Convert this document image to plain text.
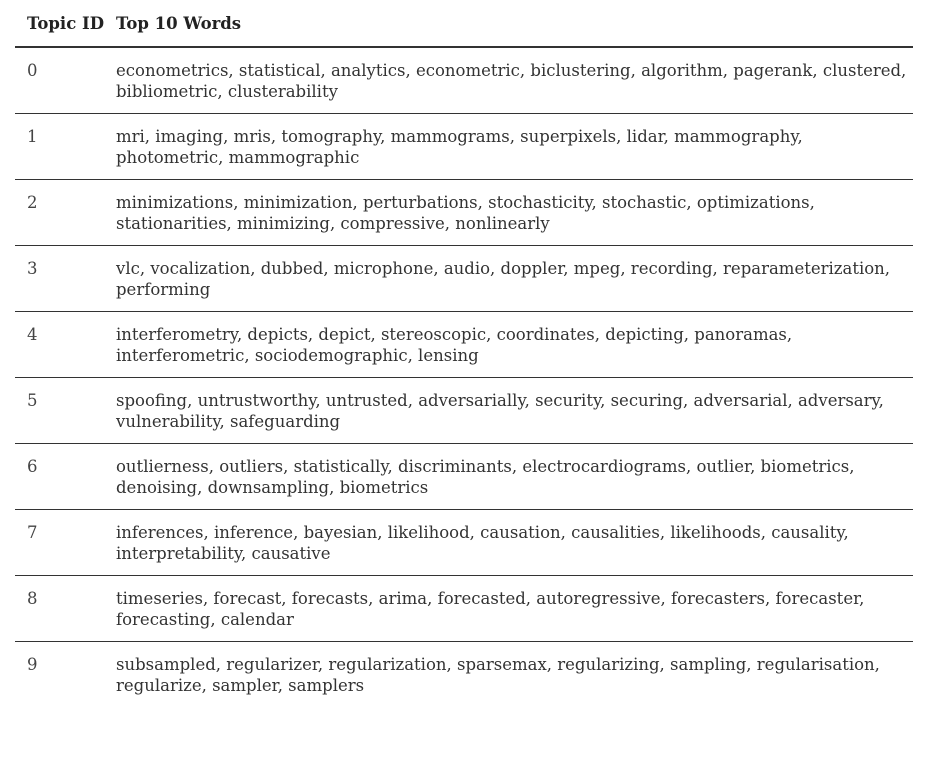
Topic ID	Top 10 Words
0	econometrics, statistical, analytics, econometric, biclustering, algorithm, pagerank, clustered, bibliometric, clusterability
1	mri, imaging, mris, tomography, mammograms, superpixels, lidar, mammography, photometric, mammographic
2	minimizations, minimization, perturbations, stochasticity, stochastic, optimizations, stationarities, minimizing, compressive, nonlinearly
3	vlc, vocalization, dubbed, microphone, audio, doppler, mpeg, recording, reparameterization, performing
4	interferometry, depicts, depict, stereoscopic, coordinates, depicting, panoramas, interferometric, sociodemographic, lensing
5	spoofing, untrustworthy, untrusted, adversarially, security, securing, adversarial, adversary, vulnerability, safeguarding
6	outlierness, outliers, statistically, discriminants, electrocardiograms, outlier, biometrics, denoising, downsampling, biometrics
7	inferences, inference, bayesian, likelihood, causation, causalities, likelihoods, causality, interpretability, causative
8	timeseries, forecast, forecasts, arima, forecasted, autoregressive, forecasters, forecaster, forecasting, calendar
9	subsampled, regularizer, regularization, sparsemax, regularizing, sampling, regularisation, regularize, sampler, samplers
